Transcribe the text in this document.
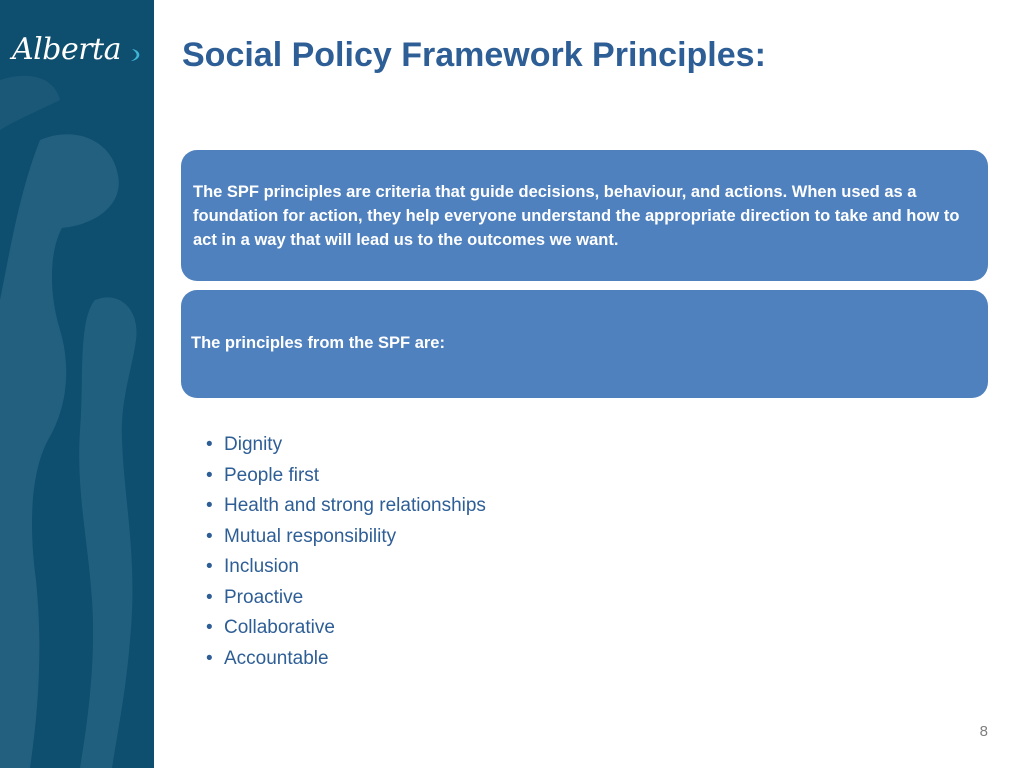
Alberta Social Policy Framework Principles:
The SPF principles are criteria that guide decisions, behaviour, and actions. When used as a foundation for action, they help everyone understand the appropriate direction to take and how to act in a way that will lead us to the outcomes we want.
The principles from the SPF are:
• Dignity
• People first
• Health and strong relationships
• Mutual responsibility
• Inclusion
• Proactive
• Collaborative
• Accountable
8
